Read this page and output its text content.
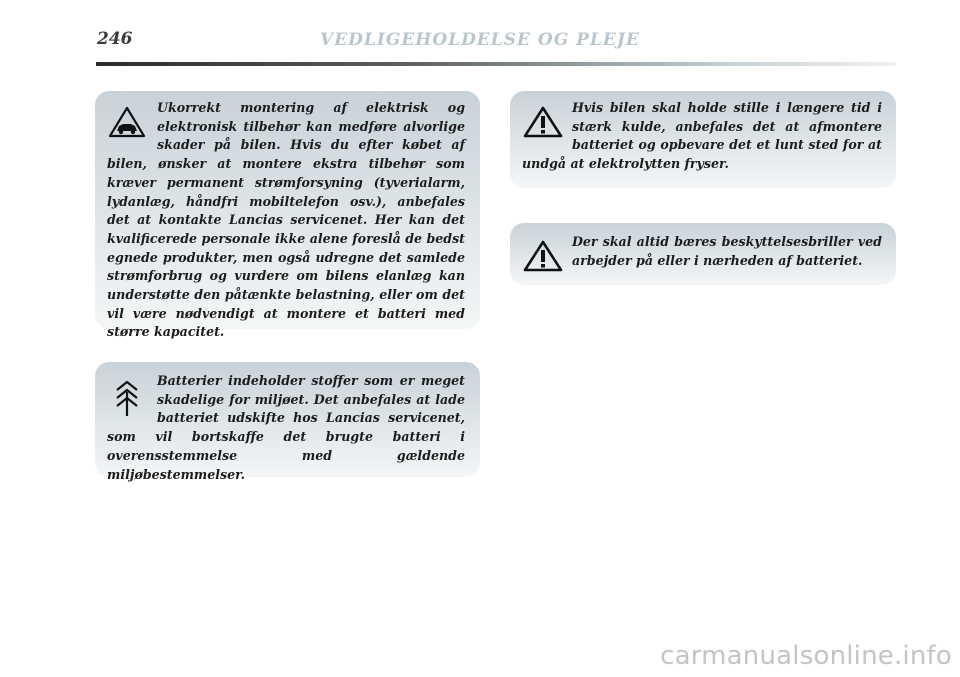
246	VEDLIGEHOLDELSE OG PLEJE

Ukorrekt montering af elektrisk og elektronisk tilbehør kan medføre alvorlige skader på bilen. Hvis du efter købet af bilen, ønsker at montere ekstra tilbehør som kræver permanent strømforsyning (tyverialarm, lydanlæg, håndfri mobiltelefon osv.), anbefales det at kontakte Lancias servicenet. Her kan det kvalificerede personale ikke alene foreslå de bedst egnede produkter, men også udregne det samlede strømforbrug og vurdere om bilens elanlæg kan understøtte den påtænkte belastning, eller om det vil være nødvendigt at montere et batteri med større kapacitet.

Batterier indeholder stoffer som er meget skadelige for miljøet. Det anbefales at lade batteriet udskifte hos Lancias servicenet, som vil bortskaffe det brugte batteri i overensstemmelse med gældende miljøbestemmelser.

Hvis bilen skal holde stille i længere tid i stærk kulde, anbefales det at afmontere batteriet og opbevare det et lunt sted for at undgå at elektrolytten fryser.

Der skal altid bæres beskyttelsesbriller ved arbejder på eller i nærheden af batteriet.

carmanualsonline.info
